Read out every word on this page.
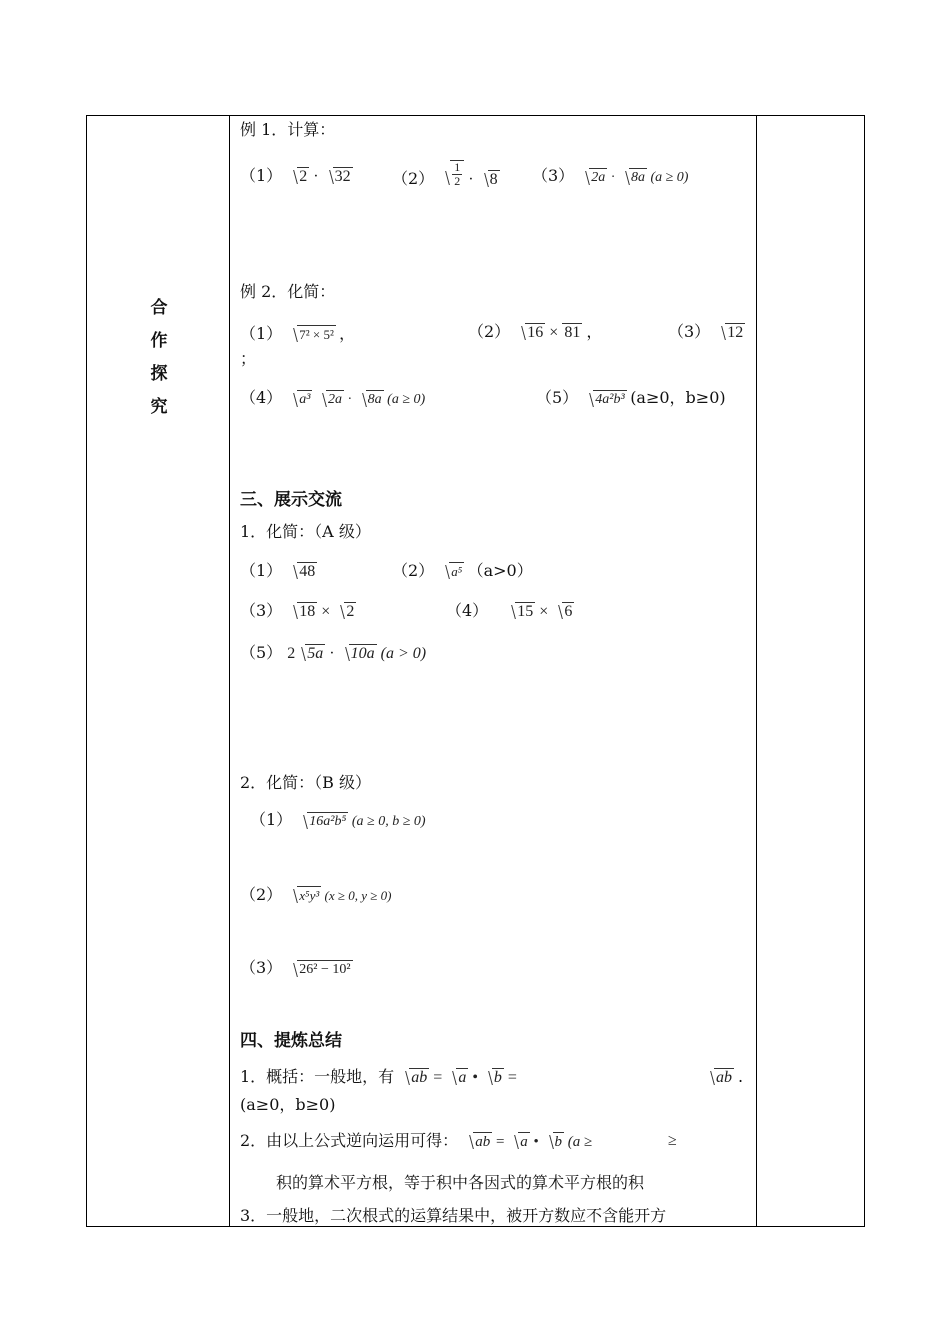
合
作
探
究
例 1．计算：
（1） 2 · 32	$(2) \frac{1}{2} \cdot 8$ （3） 2a · 8a (a ≥ 0)
例 2．化简：
（1） 7² × 5² ，	（2） 16 × 81 ，	（3） 12
；
（4） a³ 2a · 8a (a ≥ 0)	（5） 4a²b³ (a≥0，b≥0)
三、展示交流
1．化简：（A 级）
（1） 48	（2） a⁵ （a>0）
（3） 18 × 2	（4） 15 × 6
（5） 2 5a · 10a (a > 0)
2．化简：（B 级）
（1） 16a²b⁵ (a ≥ 0, b ≥ 0)
（2） x⁵y³ (x ≥ 0, y ≥ 0)
（3） 26² − 10²
四、提炼总结
1．概括：一般地，有 ab = a • b =	ab .
(a≥0，b≥0)
2．由以上公式逆向运用可得： ab = a • b (a ≥	≥
积的算术平方根，等于积中各因式的算术平方根的积
3．一般地，二次根式的运算结果中，被开方数应不含能开方
